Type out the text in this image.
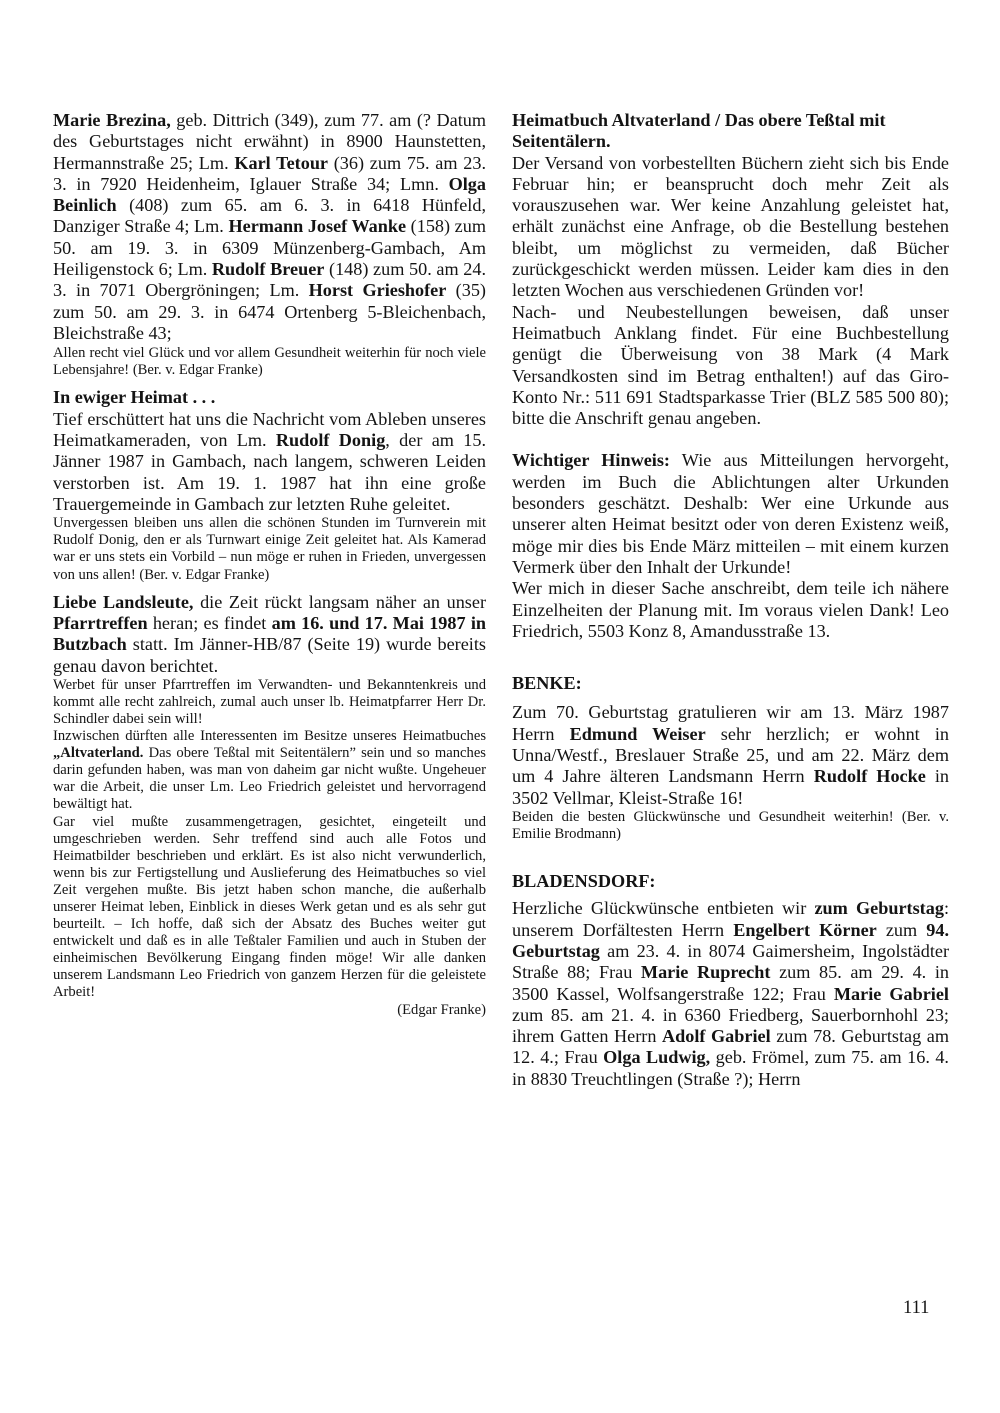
Marie Brezina, geb. Dittrich (349), zum 77. am (? Datum des Geburtstages nicht erwähnt) in 8900 Haunstetten, Hermannstraße 25; Lm. Karl Tetour (36) zum 75. am 23. 3. in 7920 Heidenheim, Iglauer Straße 34; Lmn. Olga Beinlich (408) zum 65. am 6. 3. in 6418 Hünfeld, Danziger Straße 4; Lm. Hermann Josef Wanke (158) zum 50. am 19. 3. in 6309 Münzenberg-Gambach, Am Heiligenstock 6; Lm. Rudolf Breuer (148) zum 50. am 24. 3. in 7071 Obergröningen; Lm. Horst Grieshofer (35) zum 50. am 29. 3. in 6474 Ortenberg 5-Bleichenbach, Bleichstraße 43;

Allen recht viel Glück und vor allem Gesundheit weiterhin für noch viele Lebensjahre! (Ber. v. Edgar Franke)

In ewiger Heimat . . .

Tief erschüttert hat uns die Nachricht vom Ableben unseres Heimatkameraden, von Lm. Rudolf Donig, der am 15. Jänner 1987 in Gambach, nach langem, schweren Leiden verstorben ist. Am 19. 1. 1987 hat ihn eine große Trauergemeinde in Gambach zur letzten Ruhe geleitet.

Unvergessen bleiben uns allen die schönen Stunden im Turnverein mit Rudolf Donig, den er als Turnwart einige Zeit geleitet hat. Als Kamerad war er uns stets ein Vorbild – nun möge er ruhen in Frieden, unvergessen von uns allen! (Ber. v. Edgar Franke)

Liebe Landsleute, die Zeit rückt langsam näher an unser Pfarrtreffen heran; es findet am 16. und 17. Mai 1987 in Butzbach statt. Im Jänner-HB/87 (Seite 19) wurde bereits genau davon berichtet.

Werbet für unser Pfarrtreffen im Verwandten- und Bekanntenkreis und kommt alle recht zahlreich, zumal auch unser lb. Heimatpfarrer Herr Dr. Schindler dabei sein will!

Inzwischen dürften alle Interessenten im Besitze unseres Heimatbuches „Altvaterland. Das obere Teßtal mit Seitentälern” sein und so manches darin gefunden haben, was man von daheim gar nicht wußte. Ungeheuer war die Arbeit, die unser Lm. Leo Friedrich geleistet und hervorragend bewältigt hat.

Gar viel mußte zusammengetragen, gesichtet, eingeteilt und umgeschrieben werden. Sehr treffend sind auch alle Fotos und Heimatbilder beschrieben und erklärt. Es ist also nicht verwunderlich, wenn bis zur Fertigstellung und Auslieferung des Heimatbuches so viel Zeit vergehen mußte. Bis jetzt haben schon manche, die außerhalb unserer Heimat leben, Einblick in dieses Werk getan und es als sehr gut beurteilt. – Ich hoffe, daß sich der Absatz des Buches weiter gut entwickelt und daß es in alle Teßtaler Familien und auch in Stuben der einheimischen Bevölkerung Eingang finden möge! Wir alle danken unserem Landsmann Leo Friedrich von ganzem Herzen für die geleistete Arbeit!

(Edgar Franke)

Heimatbuch Altvaterland / Das obere Teßtal mit Seitentälern.

Der Versand von vorbestellten Büchern zieht sich bis Ende Februar hin; er beansprucht doch mehr Zeit als vorauszusehen war. Wer keine Anzahlung geleistet hat, erhält zunächst eine Anfrage, ob die Bestellung bestehen bleibt, um möglichst zu vermeiden, daß Bücher zurückgeschickt werden müssen. Leider kam dies in den letzten Wochen aus verschiedenen Gründen vor!

Nach- und Neubestellungen beweisen, daß unser Heimatbuch Anklang findet. Für eine Buchbestellung genügt die Überweisung von 38 Mark (4 Mark Versandkosten sind im Betrag enthalten!) auf das Giro-Konto Nr.: 511 691 Stadtsparkasse Trier (BLZ 585 500 80); bitte die Anschrift genau angeben.

Wichtiger Hinweis: Wie aus Mitteilungen hervorgeht, werden im Buch die Ablichtungen alter Urkunden besonders geschätzt. Deshalb: Wer eine Urkunde aus unserer alten Heimat besitzt oder von deren Existenz weiß, möge mir dies bis Ende März mitteilen – mit einem kurzen Vermerk über den Inhalt der Urkunde!

Wer mich in dieser Sache anschreibt, dem teile ich nähere Einzelheiten der Planung mit. Im voraus vielen Dank! Leo Friedrich, 5503 Konz 8, Amandusstraße 13.

BENKE:

Zum 70. Geburtstag gratulieren wir am 13. März 1987 Herrn Edmund Weiser sehr herzlich; er wohnt in Unna/Westf., Breslauer Straße 25, und am 22. März dem um 4 Jahre älteren Landsmann Herrn Rudolf Hocke in 3502 Vellmar, Kleist-Straße 16!

Beiden die besten Glückwünsche und Gesundheit weiterhin! (Ber. v. Emilie Brodmann)

BLADENSDORF:

Herzliche Glückwünsche entbieten wir zum Geburtstag: unserem Dorfältesten Herrn Engelbert Körner zum 94. Geburtstag am 23. 4. in 8074 Gaimersheim, Ingolstädter Straße 88; Frau Marie Ruprecht zum 85. am 29. 4. in 3500 Kassel, Wolfsangerstraße 122; Frau Marie Gabriel zum 85. am 21. 4. in 6360 Friedberg, Sauerbornhohl 23; ihrem Gatten Herrn Adolf Gabriel zum 78. Geburtstag am 12. 4.; Frau Olga Ludwig, geb. Frömel, zum 75. am 16. 4. in 8830 Treuchtlingen (Straße ?); Herrn

111
